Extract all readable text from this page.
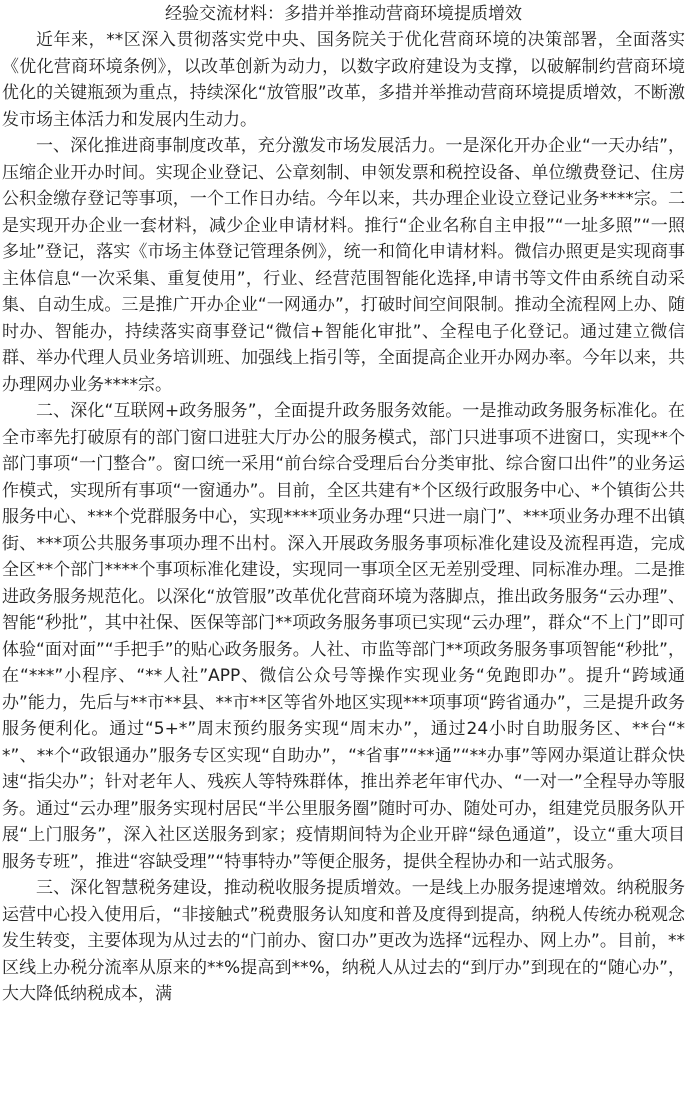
经验交流材料：多措并举推动营商环境提质增效

近年来，**区深入贯彻落实党中央、国务院关于优化营商环境的决策部署，全面落实《优化营商环境条例》，以改革创新为动力，以数字政府建设为支撑，以破解制约营商环境优化的关键瓶颈为重点，持续深化“放管服”改革，多措并举推动营商环境提质增效，不断激发市场主体活力和发展内生动力。

一、深化推进商事制度改革，充分激发市场发展活力。一是深化开办企业“一天办结”，压缩企业开办时间。实现企业登记、公章刻制、申领发票和税控设备、单位缴费登记、住房公积金缴存登记等事项，一个工作日办结。今年以来，共办理企业设立登记业务****宗。二是实现开办企业一套材料，减少企业申请材料。推行“企业名称自主申报”“一址多照”“一照多址”登记，落实《市场主体登记管理条例》，统一和简化申请材料。微信办照更是实现商事主体信息“一次采集、重复使用”，行业、经营范围智能化选择,申请书等文件由系统自动采集、自动生成。三是推广开办企业“一网通办”，打破时间空间限制。推动全流程网上办、随时办、智能办，持续落实商事登记“微信+智能化审批”、全程电子化登记。通过建立微信群、举办代理人员业务培训班、加强线上指引等，全面提高企业开办网办率。今年以来，共办理网办业务****宗。

二、深化“互联网+政务服务”，全面提升政务服务效能。一是推动政务服务标准化。在全市率先打破原有的部门窗口进驻大厅办公的服务模式，部门只进事项不进窗口，实现**个部门事项“一门整合”。窗口统一采用“前台综合受理后台分类审批、综合窗口出件”的业务运作模式，实现所有事项“一窗通办”。目前，全区共建有*个区级行政服务中心、*个镇街公共服务中心、***个党群服务中心，实现****项业务办理“只进一扇门”、***项业务办理不出镇街、***项公共服务事项办理不出村。深入开展政务服务事项标准化建设及流程再造，完成全区**个部门****个事项标准化建设，实现同一事项全区无差别受理、同标准办理。二是推进政务服务规范化。以深化“放管服”改革优化营商环境为落脚点，推出政务服务“云办理”、智能“秒批”，其中社保、医保等部门**项政务服务事项已实现“云办理”，群众“不上门”即可体验“面对面”“手把手”的贴心政务服务。人社、市监等部门**项政务服务事项智能“秒批”，在“***”小程序、“**人社”APP、微信公众号等操作实现业务“免跑即办”。提升“跨域通办”能力，先后与**市**县、**市**区等省外地区实现***项事项“跨省通办”，三是提升政务服务便利化。通过“5+*”周末预约服务实现“周末办”，通过24小时自助服务区、**台“**”、**个“政银通办”服务专区实现“自助办”，“*省事”“**通”“**办事”等网办渠道让群众快速“指尖办”；针对老年人、残疾人等特殊群体，推出养老年审代办、“一对一”全程导办等服务。通过“云办理”服务实现村居民“半公里服务圈”随时可办、随处可办，组建党员服务队开展“上门服务”，深入社区送服务到家；疫情期间特为企业开辟“绿色通道”，设立“重大项目服务专班”，推进“容缺受理”“特事特办”等便企服务，提供全程协办和一站式服务。

三、深化智慧税务建设，推动税收服务提质增效。一是线上办服务提速增效。纳税服务运营中心投入使用后，“非接触式”税费服务认知度和普及度得到提高，纳税人传统办税观念发生转变，主要体现为从过去的“门前办、窗口办”更改为选择“远程办、网上办”。目前，**区线上办税分流率从原来的**%提高到**%，纳税人从过去的“到厅办”到现在的“随心办”，大大降低纳税成本，满
